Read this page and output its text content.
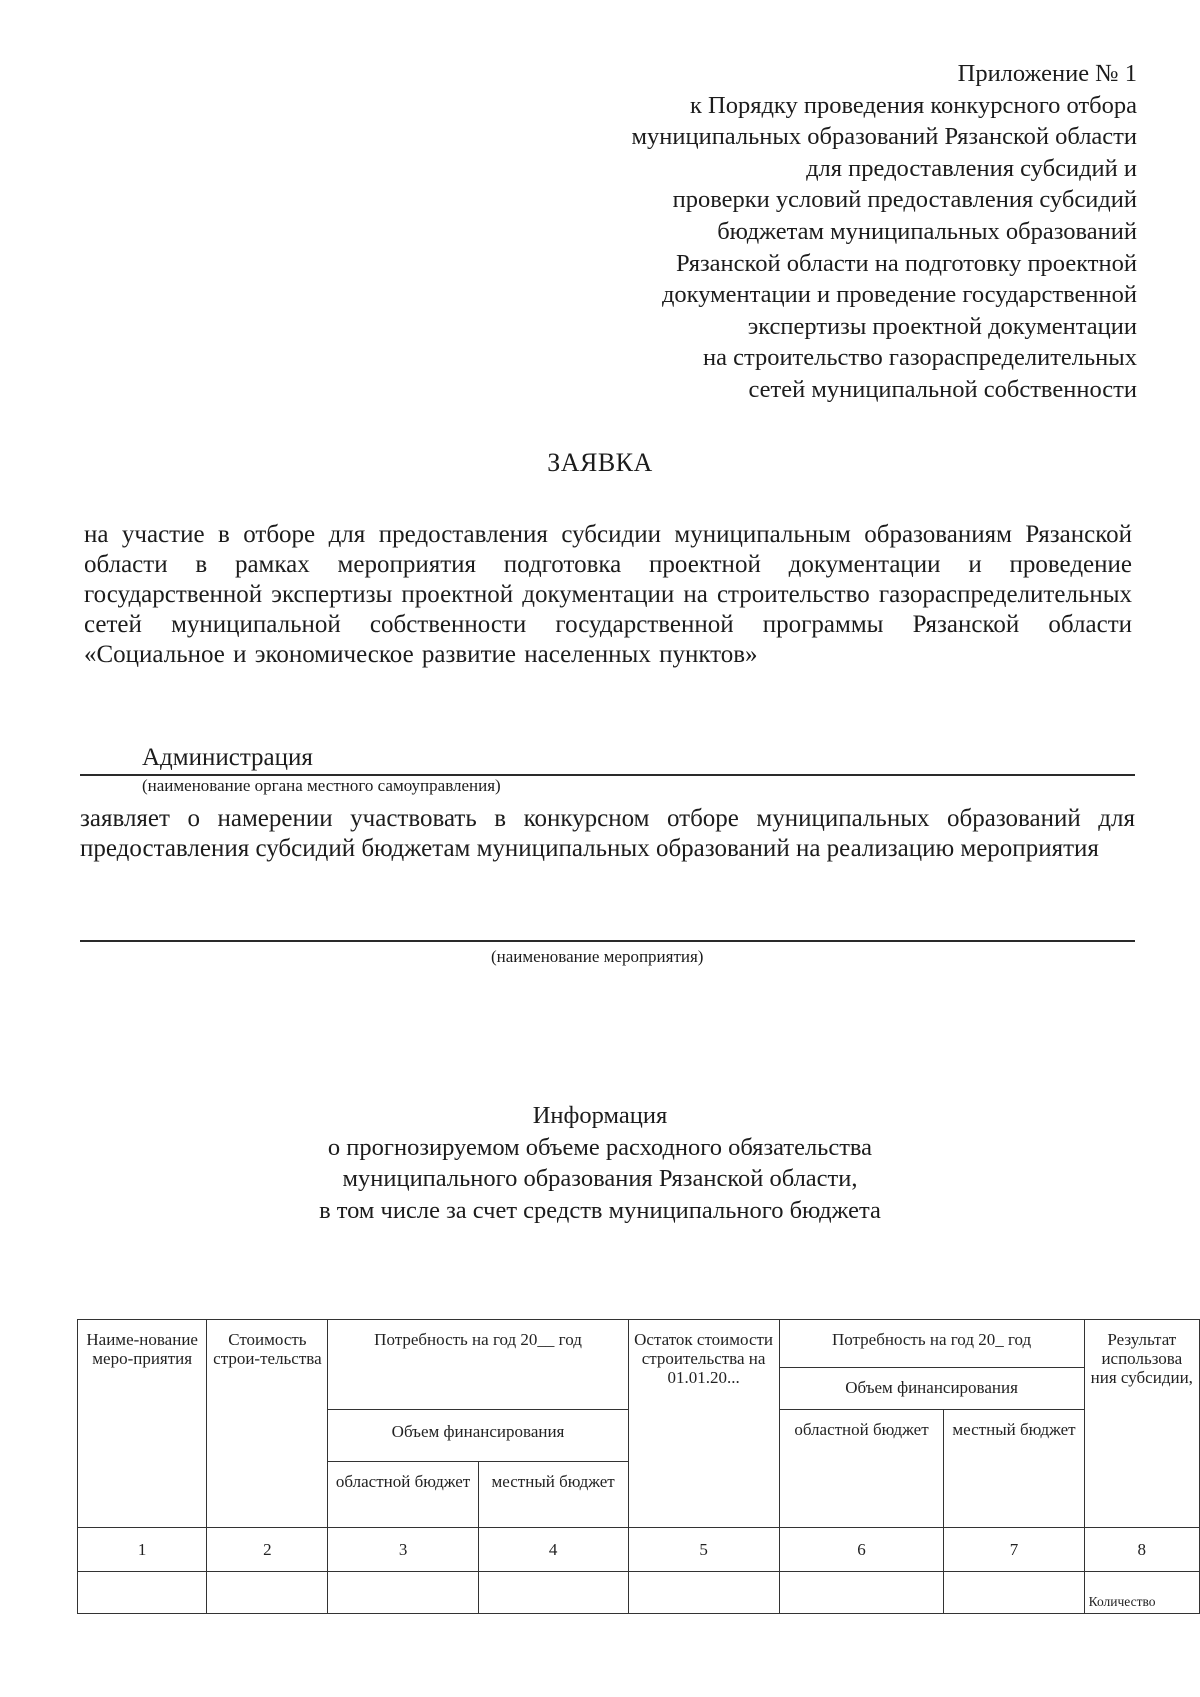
Приложение № 1
к Порядку проведения конкурсного отбора
муниципальных образований Рязанской области
для предоставления субсидий и
проверки условий предоставления субсидий
бюджетам муниципальных образований
Рязанской области на подготовку проектной
документации и проведение государственной
экспертизы проектной документации
на строительство газораспределительных
сетей муниципальной собственности
ЗАЯВКА
на участие в отборе для предоставления субсидии муниципальным образованиям Рязанской области в рамках мероприятия подготовка проектной документации и проведение государственной экспертизы проектной документации на строительство газораспределительных сетей муниципальной собственности государственной программы Рязанской области «Социальное и экономическое развитие населенных пунктов»
Администрация
(наименование органа местного самоуправления)
заявляет о намерении участвовать в конкурсном отборе муниципальных образований для предоставления субсидий бюджетам муниципальных образований на реализацию мероприятия
(наименование мероприятия)
Информация
о прогнозируемом объеме расходного обязательства
муниципального образования Рязанской области,
в том числе за счет средств муниципального бюджета
Наиме-нование меро-приятия	Стоимость строи-тельства	Потребность на год 20__ год		Остаток стоимости строительства на 01.01.20...	Потребность на год 20_ год		Результат использова ния субсидии,
					Объем финансирования		
		Объем финансирования			областной бюджет	местный бюджет	
		областной бюджет	местный бюджет				
1	2	3	4	5	6	7	8
							Количество
